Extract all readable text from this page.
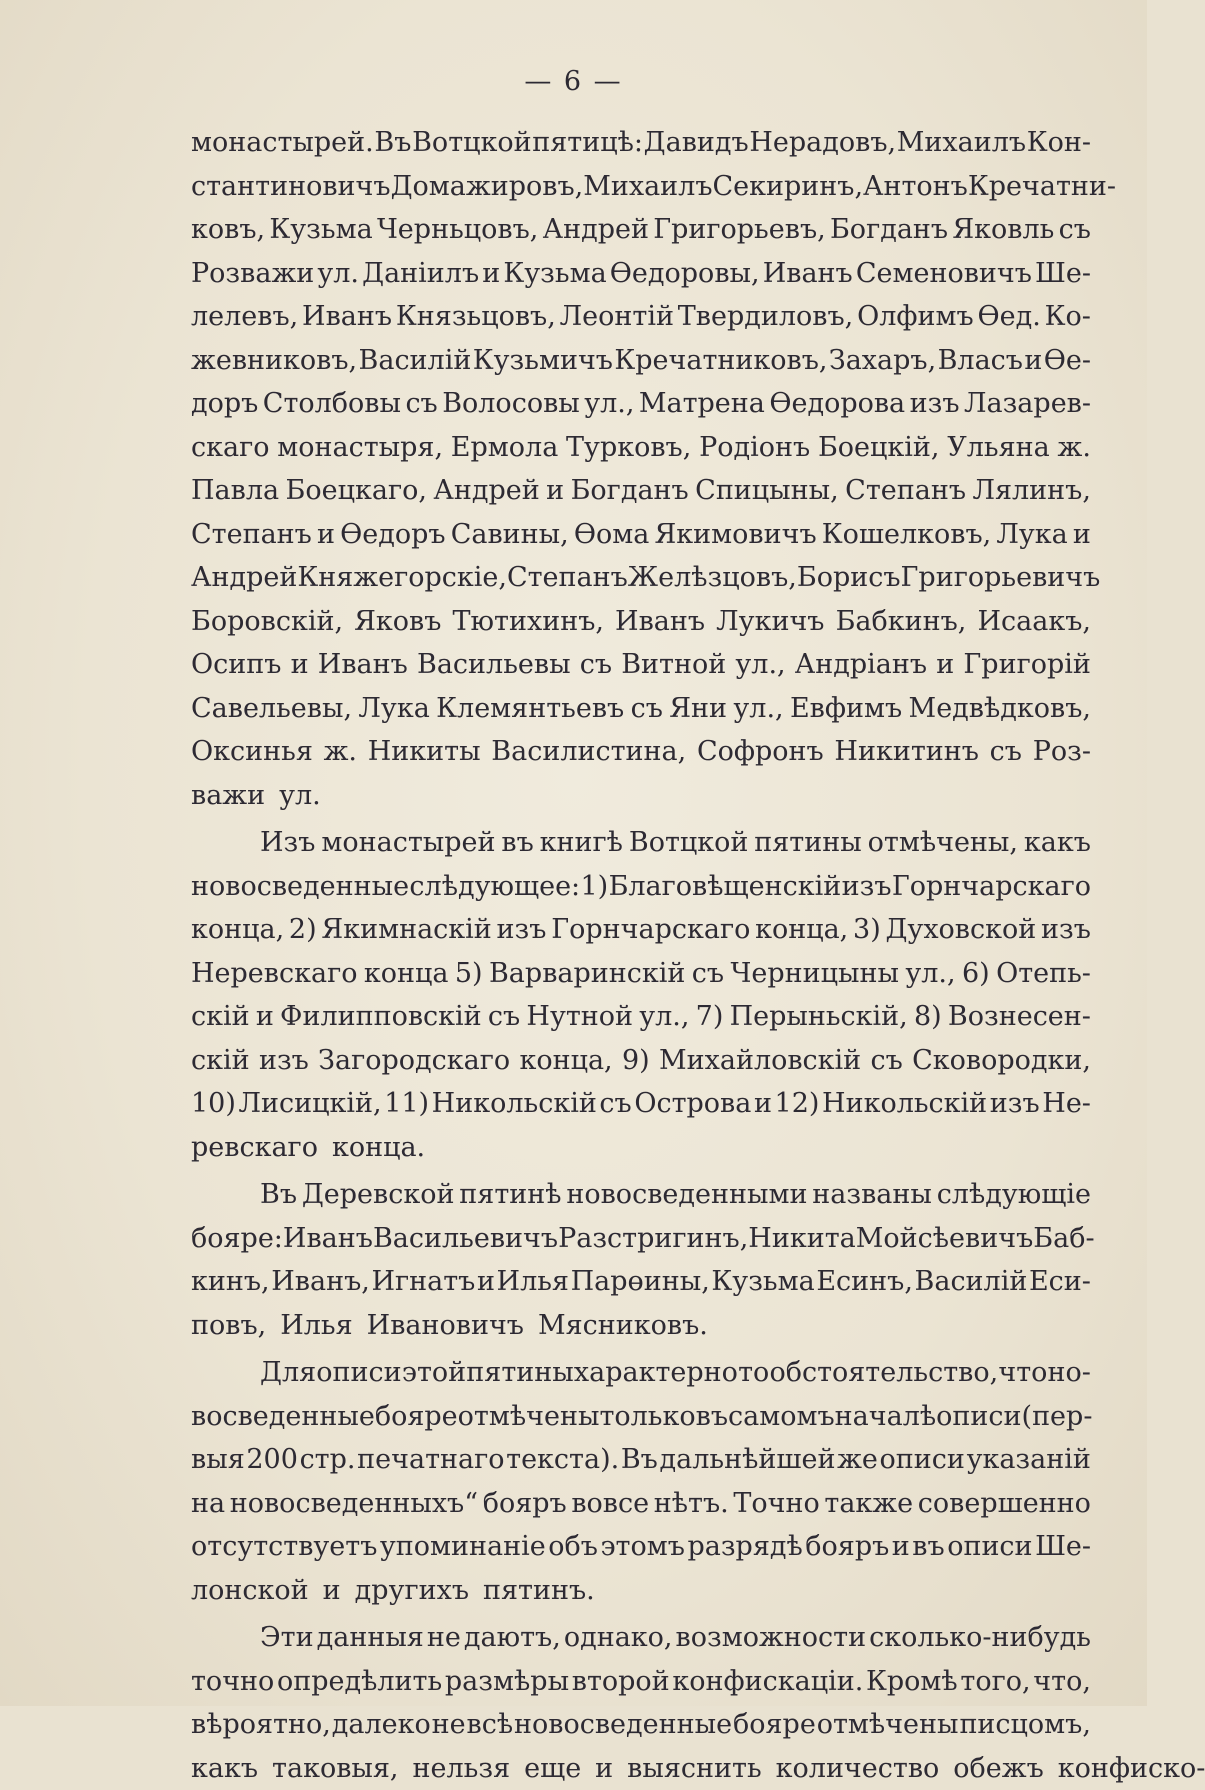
— 6 —
монастырей. Въ Вотцкой пятицѣ: Давидъ Нерадовъ, Михаилъ Кон-
стантиновичъ Домажировъ, Михаилъ Секиринъ, Антонъ Кречатни-
ковъ, Кузьма Черньцовъ, Андрей Григорьевъ, Богданъ Яковль съ
Розважи ул. Даніилъ и Кузьма Өедоровы, Иванъ Семеновичъ Ше-
лелевъ, Иванъ Князьцовъ, Леонтій Твердиловъ, Олфимъ Өед. Ко-
жевниковъ, Василій Кузьмичъ Кречатниковъ, Захаръ, Власъ и Өе-
доръ Столбовы съ Волосовы ул., Матрена Өедорова изъ Лазарев-
скаго монастыря, Ермола Турковъ, Родіонъ Боецкій, Ульяна ж.
Павла Боецкаго, Андрей и Богданъ Спицыны, Степанъ Лялинъ,
Степанъ и Өедоръ Савины, Өома Якимовичъ Кошелковъ, Лука и
Андрей Княжегорскіе, Степанъ Желѣзцовъ, Борисъ Григорьевичъ
Боровскій, Яковъ Тютихинъ, Иванъ Лукичъ Бабкинъ, Исаакъ,
Осипъ и Иванъ Васильевы съ Витной ул., Андріанъ и Григорій
Савельевы, Лука Клемянтьевъ съ Яни ул., Евфимъ Медвѣдковъ,
Оксинья ж. Никиты Василистина, Софронъ Никитинъ съ Роз-
важи ул.
Изъ монастырей въ книгѣ Вотцкой пятины отмѣчены, какъ
новосведенные слѣдующее: 1) Благовѣщенскій изъ Горнчарскаго
конца, 2) Якимнаскій изъ Горнчарскаго конца, 3) Духовской изъ
Неревскаго конца 5) Варваринскій съ Черницыны ул., 6) Отепь-
скій и Филипповскій съ Нутной ул., 7) Перыньскій, 8) Вознесен-
скій изъ Загородскаго конца, 9) Михайловскій съ Сковородки,
10) Лисицкій, 11) Никольскій съ Острова и 12) Никольскій изъ Не-
ревскаго конца.
Въ Деревской пятинѣ новосведенными названы слѣдующіе
бояре: Иванъ Васильевичъ Разстригинъ, Никита Мойсѣевичъ Баб-
кинъ, Иванъ, Игнатъ и Илья Парөины, Кузьма Есинъ, Василій Еси-
повъ, Илья Ивановичъ Мясниковъ.
Для описи этой пятины характерно то обстоятельство, что но-
восведенные бояре отмѣчены только въ самомъ началѣ описи (пер-
выя 200 стр. печатнаго текста). Въ дальнѣйшей же описи указаній
на новосведенныхъ“ бояръ вовсе нѣтъ. Точно также совершенно
отсутствуетъ упоминаніе объ этомъ разрядѣ бояръ и въ описи Ше-
лонской и другихъ пятинъ.
Эти данныя не даютъ, однако, возможности сколько-нибудь
точно опредѣлить размѣры второй конфискаціи. Кромѣ того, что,
вѣроятно, далеко не всѣ новосведенные бояре отмѣчены писцомъ,
какъ таковыя, нельзя еще и выяснить количество обежъ конфиско-
